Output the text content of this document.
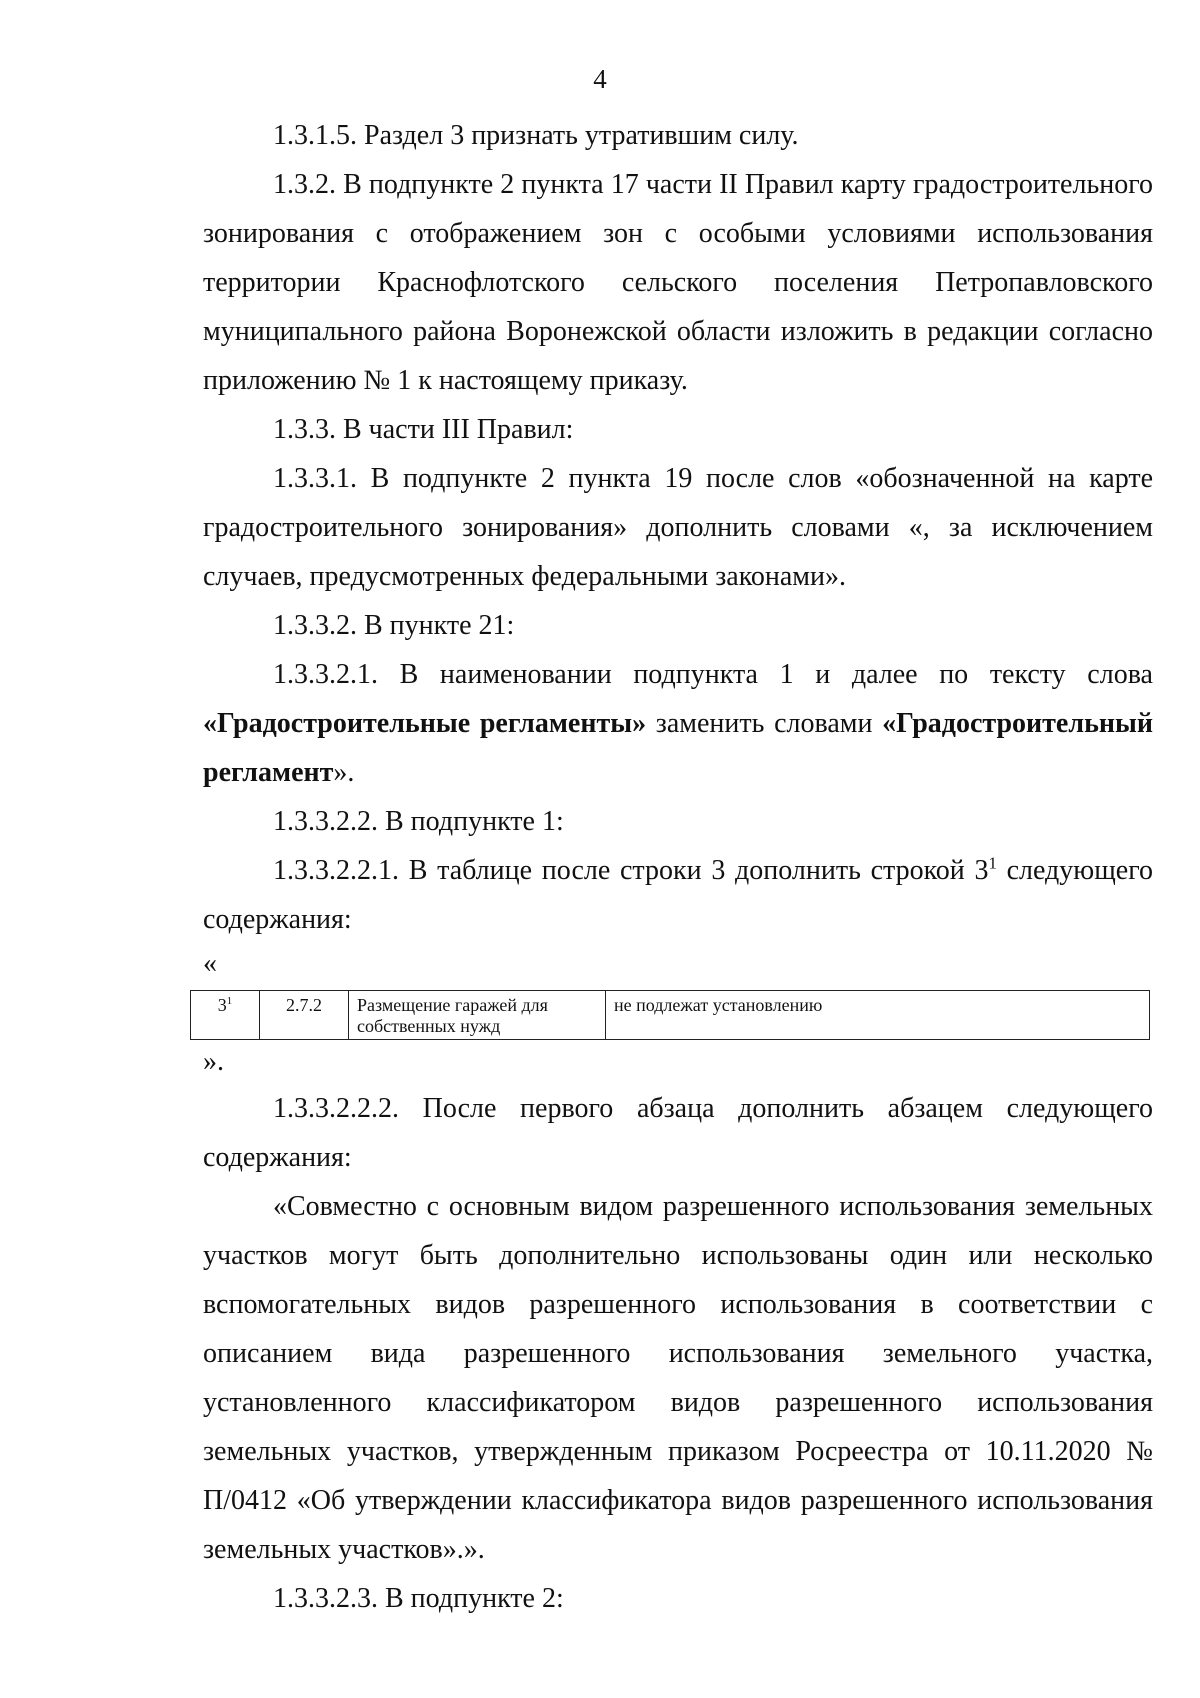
4

1.3.1.5. Раздел 3 признать утратившим силу.

1.3.2. В подпункте 2 пункта 17 части II Правил карту градостроительного зонирования с отображением зон с особыми условиями использования территории Краснофлотского сельского поселения Петропавловского муниципального района Воронежской области изложить в редакции согласно приложению № 1 к настоящему приказу.

1.3.3. В части III Правил:

1.3.3.1. В подпункте 2 пункта 19 после слов «обозначенной на карте градостроительного зонирования» дополнить словами «, за исключением случаев, предусмотренных федеральными законами».

1.3.3.2. В пункте 21:

1.3.3.2.1. В наименовании подпункта 1 и далее по тексту слова «Градостроительные регламенты» заменить словами «Градостроительный регламент».

1.3.3.2.2. В подпункте 1:

1.3.3.2.2.1. В таблице после строки 3 дополнить строкой $3^1$ следующего содержания:

«

$3^1$	2.7.2	Размещение гаражей для собственных нужд	не подлежат установлению

».

1.3.3.2.2.2. После первого абзаца дополнить абзацем следующего содержания:

«Совместно с основным видом разрешенного использования земельных участков могут быть дополнительно использованы один или несколько вспомогательных видов разрешенного использования в соответствии с описанием вида разрешенного использования земельного участка, установленного классификатором видов разрешенного использования земельных участков, утвержденным приказом Росреестра от 10.11.2020 № П/0412 «Об утверждении классификатора видов разрешенного использования земельных участков».».

1.3.3.2.3. В подпункте 2:
